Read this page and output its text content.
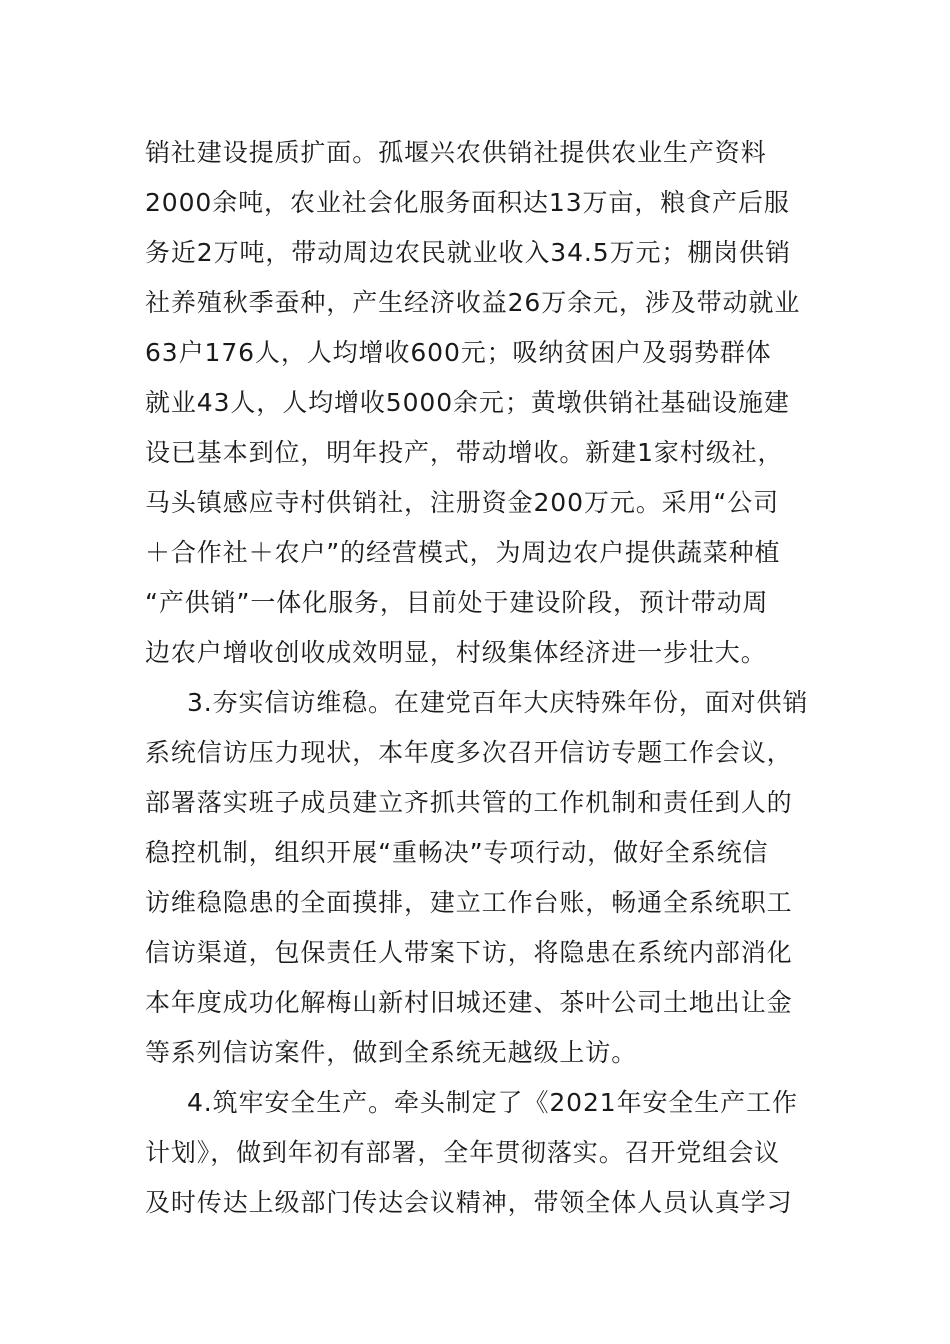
销社建设提质扩面。孤堰兴农供销社提供农业生产资料
2000余吨，农业社会化服务面积达13万亩，粮食产后服
务近2万吨，带动周边农民就业收入34.5万元；棚岗供销
社养殖秋季蚕种，产生经济收益26万余元，涉及带动就业
63户176人，人均增收600元；吸纳贫困户及弱势群体
就业43人，人均增收5000余元；黄墩供销社基础设施建
设已基本到位，明年投产，带动增收。新建1家村级社，
马头镇感应寺村供销社，注册资金200万元。采用“公司
＋合作社＋农户”的经营模式，为周边农户提供蔬菜种植
“产供销”一体化服务，目前处于建设阶段，预计带动周
边农户增收创收成效明显，村级集体经济进一步壮大。
3.夯实信访维稳。在建党百年大庆特殊年份，面对供销
系统信访压力现状，本年度多次召开信访专题工作会议，
部署落实班子成员建立齐抓共管的工作机制和责任到人的
稳控机制，组织开展“重畅决”专项行动，做好全系统信
访维稳隐患的全面摸排，建立工作台账，畅通全系统职工
信访渠道，包保责任人带案下访，将隐患在系统内部消化
本年度成功化解梅山新村旧城还建、茶叶公司土地出让金
等系列信访案件，做到全系统无越级上访。
4.筑牢安全生产。牵头制定了《2021年安全生产工作
计划》，做到年初有部署，全年贯彻落实。召开党组会议
及时传达上级部门传达会议精神，带领全体人员认真学习
